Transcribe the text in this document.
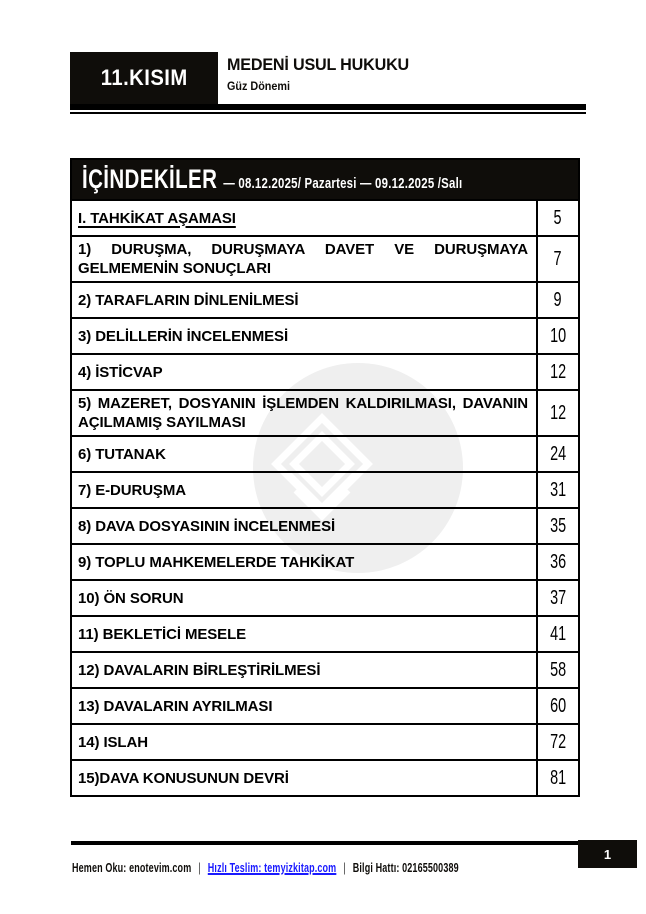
11.KISIM
MEDENİ USUL HUKUKU
Güz Dönemi
İÇİNDEKİLER — 08.12.2025/ Pazartesi — 09.12.2025 /Salı
I. TAHKİKAT AŞAMASI	5
1) DURUŞMA, DURUŞMAYA DAVET VE DURUŞMAYA GELMEMENİN SONUÇLARI	7
2) TARAFLARIN DİNLENİLMESİ	9
3) DELİLLERİN İNCELENMESİ	10
4) İSTİCVAP	12
5) MAZERET, DOSYANIN İŞLEMDEN KALDIRILMASI, DAVANIN AÇILMAMIŞ SAYILMASI	12
6) TUTANAK	24
7) E-DURUŞMA	31
8) DAVA DOSYASININ İNCELENMESİ	35
9) TOPLU MAHKEMELERDE TAHKİKAT	36
10) ÖN SORUN	37
11) BEKLETİCİ MESELE	41
12) DAVALARIN BİRLEŞTİRİLMESİ	58
13) DAVALARIN AYRILMASI	60
14) ISLAH	72
15)DAVA KONUSUNUN DEVRİ	81
1
Hemen Oku: enotevim.com | Hızlı Teslim: temyizkitap.com | Bilgi Hattı: 02165500389
